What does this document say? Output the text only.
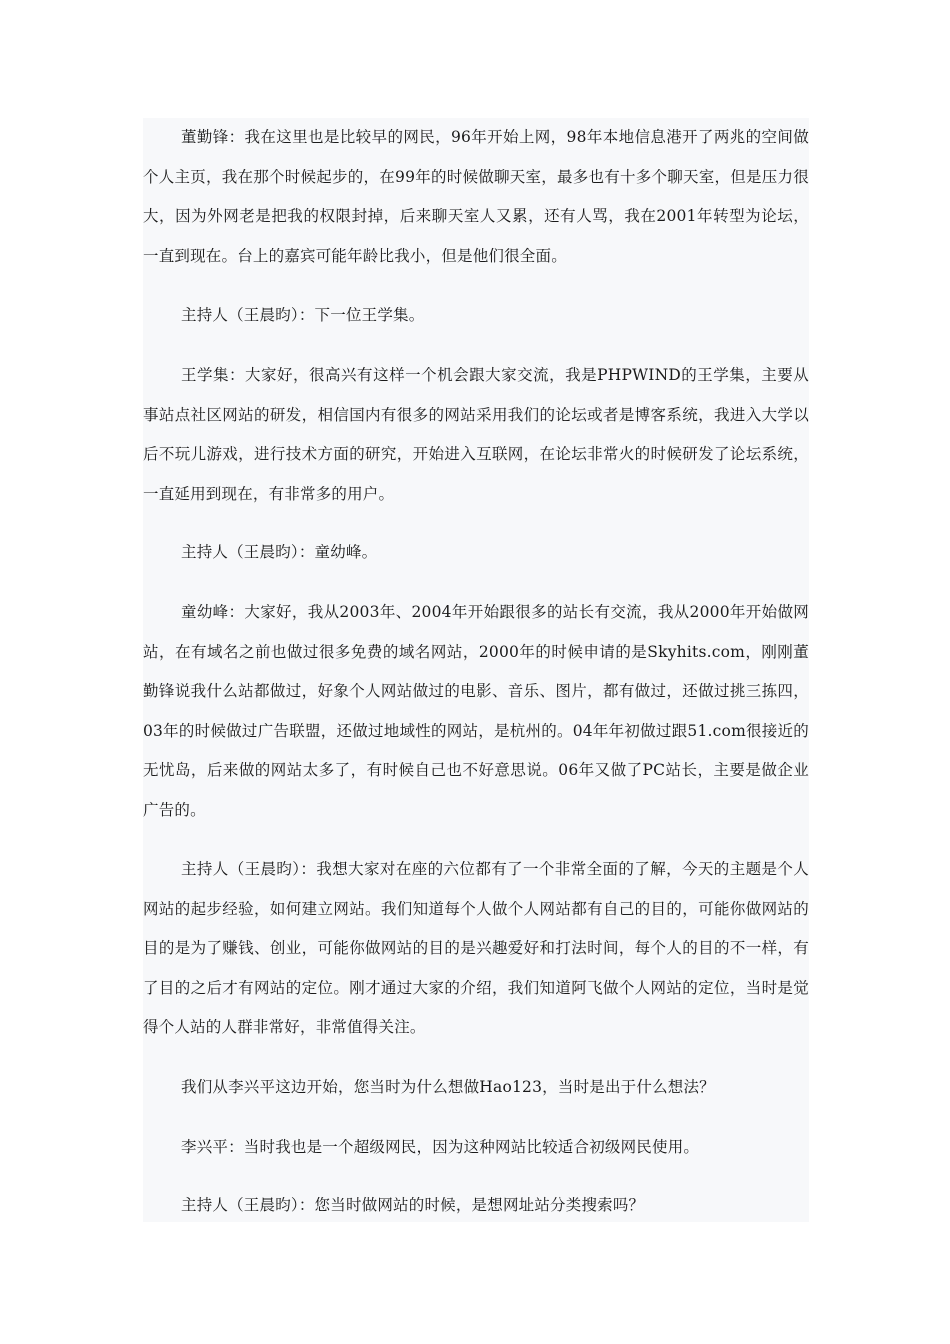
董勤锋：我在这里也是比较早的网民，96年开始上网，98年本地信息港开了两兆的空间做个人主页，我在那个时候起步的，在99年的时候做聊天室，最多也有十多个聊天室，但是压力很大，因为外网老是把我的权限封掉，后来聊天室人又累，还有人骂，我在2001年转型为论坛，一直到现在。台上的嘉宾可能年龄比我小，但是他们很全面。

主持人（王晨昀）：下一位王学集。

王学集：大家好，很高兴有这样一个机会跟大家交流，我是PHPWIND的王学集，主要从事站点社区网站的研发，相信国内有很多的网站采用我们的论坛或者是博客系统，我进入大学以后不玩儿游戏，进行技术方面的研究，开始进入互联网，在论坛非常火的时候研发了论坛系统，一直延用到现在，有非常多的用户。

主持人（王晨昀）：童幼峰。

童幼峰：大家好，我从2003年、2004年开始跟很多的站长有交流，我从2000年开始做网站，在有域名之前也做过很多免费的域名网站，2000年的时候申请的是Skyhits.com，刚刚董勤锋说我什么站都做过，好象个人网站做过的电影、音乐、图片，都有做过，还做过挑三拣四，03年的时候做过广告联盟，还做过地域性的网站，是杭州的。04年年初做过跟51.com很接近的无忧岛，后来做的网站太多了，有时候自己也不好意思说。06年又做了PC站长，主要是做企业广告的。

主持人（王晨昀）：我想大家对在座的六位都有了一个非常全面的了解，今天的主题是个人网站的起步经验，如何建立网站。我们知道每个人做个人网站都有自己的目的，可能你做网站的目的是为了赚钱、创业，可能你做网站的目的是兴趣爱好和打法时间，每个人的目的不一样，有了目的之后才有网站的定位。刚才通过大家的介绍，我们知道阿飞做个人网站的定位，当时是觉得个人站的人群非常好，非常值得关注。

我们从李兴平这边开始，您当时为什么想做Hao123，当时是出于什么想法？

李兴平：当时我也是一个超级网民，因为这种网站比较适合初级网民使用。

主持人（王晨昀）：您当时做网站的时候，是想网址站分类搜索吗？
